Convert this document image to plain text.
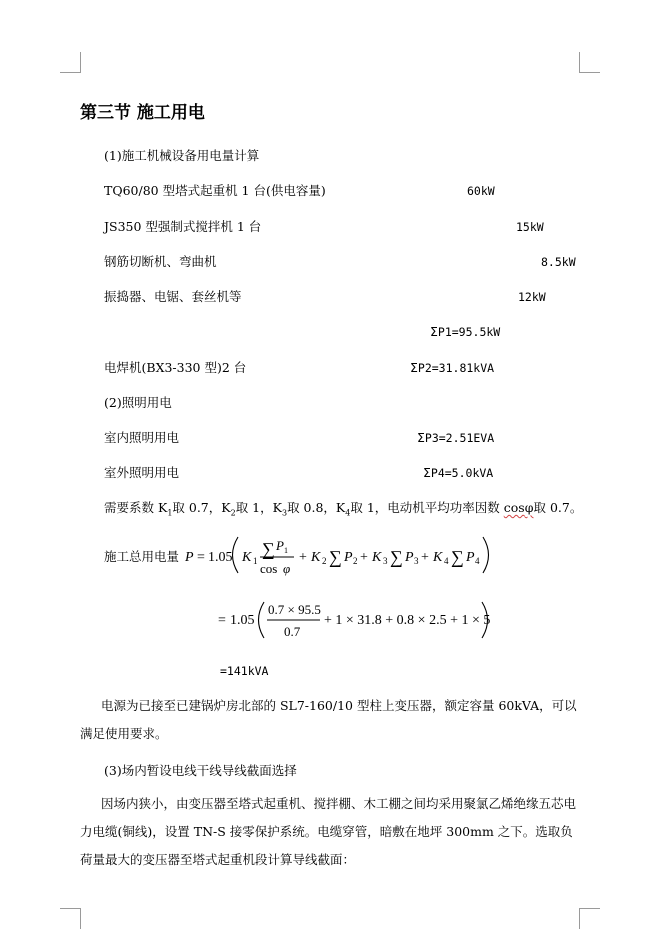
第三节 施工用电
(1)施工机械设备用电量计算
TQ60/80 型塔式起重机 1 台(供电容量)	60kW
JS350 型强制式搅拌机 1 台	15kW
钢筋切断机、弯曲机	8.5kW
振捣器、电锯、套丝机等	12kW
ΣP1=95.5kW
电焊机(BX3-330 型)2 台	ΣP2=31.81kVA
(2)照明用电
室内照明用电	ΣP3=2.51EVA
室外照明用电	ΣP4=5.0kVA
需要系数 $K_1$取 0.7，$K_2$取 1，$K_3$取 0.8，$K_4$取 1，电动机平均功率因数 cosφ取 0.7。
施工总用电量 P = 1.05 K 1
∑ P 1
cos φ
+ K 2 ∑ P 2 + K 3 ∑ P 3 + K 4 ∑ P 4
= 1.05
0.7 × 95.5
0.7
+ 1 × 31.8 + 0.8 × 2.5 + 1 × 5
=141kVA
电源为已接至已建锅炉房北部的 SL7-160/10 型柱上变压器，额定容量 60kVA，可以满足使用要求。
(3)场内暂设电线干线导线截面选择
因场内狭小，由变压器至塔式起重机、搅拌棚、木工棚之间均采用聚氯乙烯绝缘五芯电力电缆(铜线)，设置 TN-S 接零保护系统。电缆穿管，暗敷在地坪 300mm 之下。选取负荷量最大的变压器至塔式起重机段计算导线截面：
